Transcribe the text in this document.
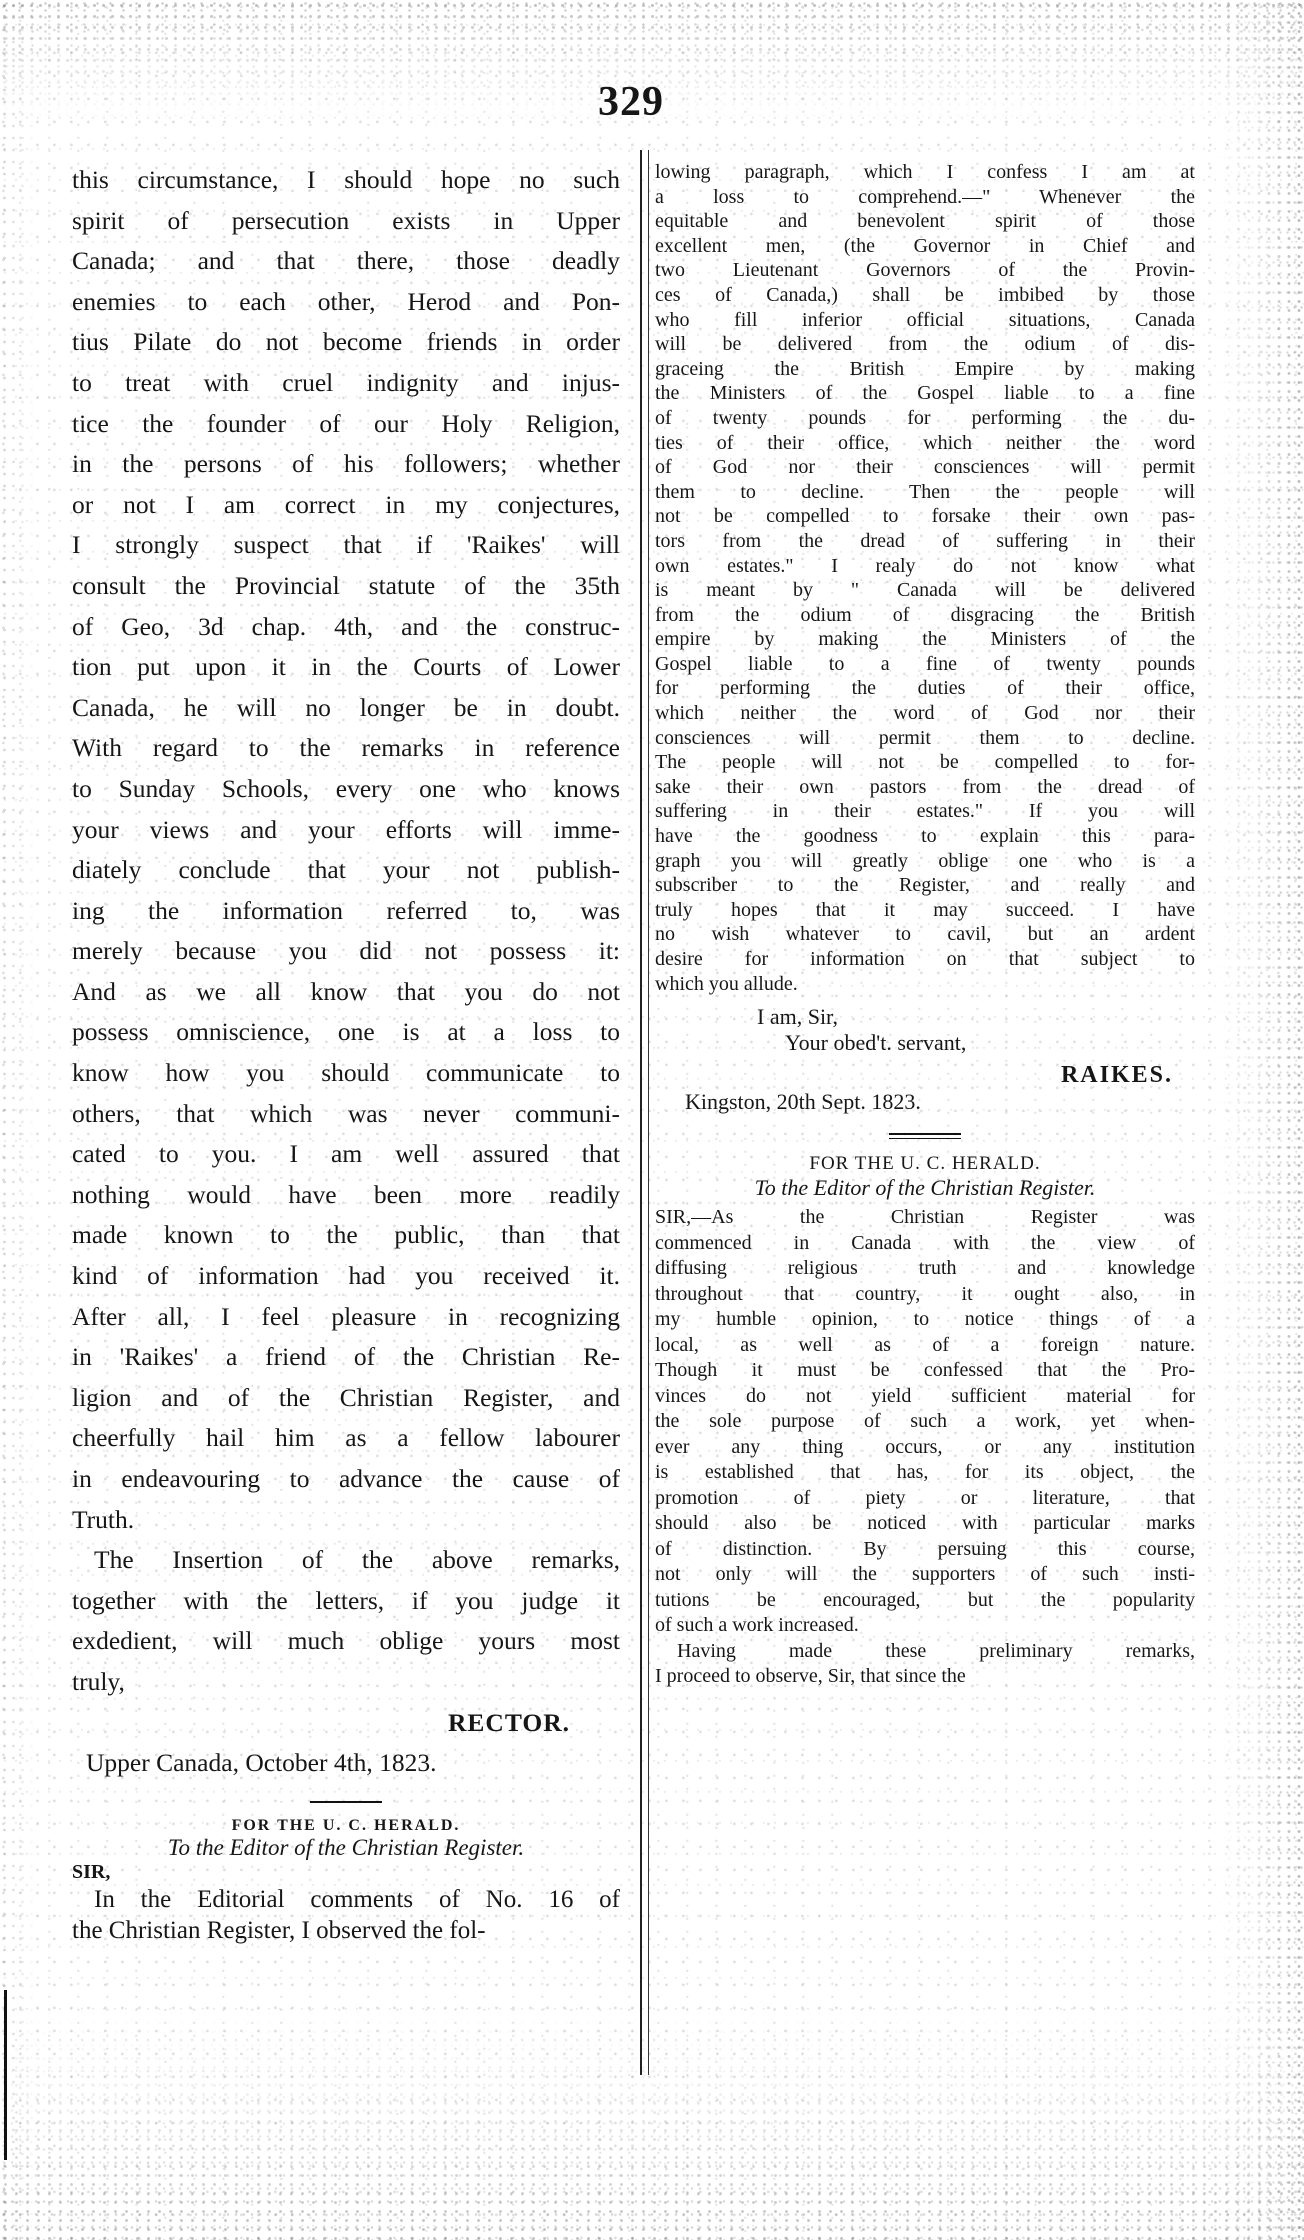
329
this circumstance, I should hope no such
spirit of persecution exists in Upper
Canada; and that there, those deadly
enemies to each other, Herod and Pon-
tius Pilate do not become friends in order
to treat with cruel indignity and injus-
tice the founder of our Holy Religion,
in the persons of his followers; whether
or not I am correct in my conjectures,
I strongly suspect that if 'Raikes' will
consult the Provincial statute of the 35th
of Geo, 3d chap. 4th, and the construc-
tion put upon it in the Courts of Lower
Canada, he will no longer be in doubt.
With regard to the remarks in reference
to Sunday Schools, every one who knows
your views and your efforts will imme-
diately conclude that your not publish-
ing the information referred to, was
merely because you did not possess it:
And as we all know that you do not
possess omniscience, one is at a loss to
know how you should communicate to
others, that which was never communi-
cated to you. I am well assured that
nothing would have been more readily
made known to the public, than that
kind of information had you received it.
After all, I feel pleasure in recognizing
in 'Raikes' a friend of the Christian Re-
ligion and of the Christian Register, and
cheerfully hail him as a fellow labourer
in endeavouring to advance the cause of
Truth.
The Insertion of the above remarks,
together with the letters, if you judge it
exdedient, will much oblige yours most
truly,
RECTOR.
Upper Canada, October 4th, 1823.
FOR THE U. C. HERALD.
To the Editor of the Christian Register.
SIR,
In the Editorial comments of No. 16 of
the Christian Register, I observed the fol-
lowing paragraph, which I confess I am at
a loss to comprehend.—" Whenever the
equitable and benevolent spirit of those
excellent men, (the Governor in Chief and
two Lieutenant Governors of the Provin-
ces of Canada,) shall be imbibed by those
who fill inferior official situations, Canada
will be delivered from the odium of dis-
graceing the British Empire by making
the Ministers of the Gospel liable to a fine
of twenty pounds for performing the du-
ties of their office, which neither the word
of God nor their consciences will permit
them to decline. Then the people will
not be compelled to forsake their own pas-
tors from the dread of suffering in their
own estates." I realy do not know what
is meant by " Canada will be delivered
from the odium of disgracing the British
empire by making the Ministers of the
Gospel liable to a fine of twenty pounds
for performing the duties of their office,
which neither the word of God nor their
consciences will permit them to decline.
The people will not be compelled to for-
sake their own pastors from the dread of
suffering in their estates." If you will
have the goodness to explain this para-
graph you will greatly oblige one who is a
subscriber to the Register, and really and
truly hopes that it may succeed. I have
no wish whatever to cavil, but an ardent
desire for information on that subject to
which you allude.
I am, Sir,
Your obed't. servant,
RAIKES.
Kingston, 20th Sept. 1823.
FOR THE U. C. HERALD.
To the Editor of the Christian Register.
SIR,—As the Christian Register was
commenced in Canada with the view of
diffusing religious truth and knowledge
throughout that country, it ought also, in
my humble opinion, to notice things of a
local, as well as of a foreign nature.
Though it must be confessed that the Pro-
vinces do not yield sufficient material for
the sole purpose of such a work, yet when-
ever any thing occurs, or any institution
is established that has, for its object, the
promotion of piety or literature, that
should also be noticed with particular marks
of distinction. By persuing this course,
not only will the supporters of such insti-
tutions be encouraged, but the popularity
of such a work increased.
Having made these preliminary remarks,
I proceed to observe, Sir, that since the
